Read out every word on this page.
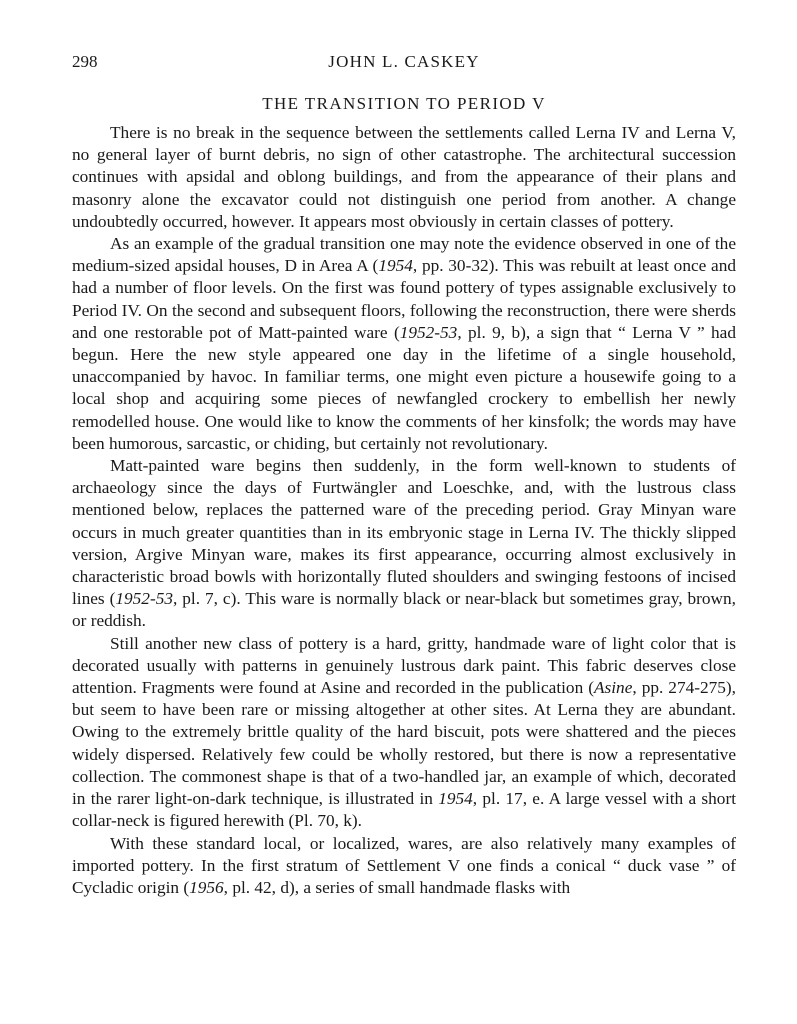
298	JOHN L. CASKEY
THE TRANSITION TO PERIOD V

There is no break in the sequence between the settlements called Lerna IV and Lerna V, no general layer of burnt debris, no sign of other catastrophe. The architectural succession continues with apsidal and oblong buildings, and from the appearance of their plans and masonry alone the excavator could not distinguish one period from another. A change undoubtedly occurred, however. It appears most obviously in certain classes of pottery.

As an example of the gradual transition one may note the evidence observed in one of the medium-sized apsidal houses, D in Area A (1954, pp. 30-32). This was rebuilt at least once and had a number of floor levels. On the first was found pottery of types assignable exclusively to Period IV. On the second and subsequent floors, following the reconstruction, there were sherds and one restorable pot of Matt-painted ware (1952-53, pl. 9, b), a sign that “ Lerna V ” had begun. Here the new style appeared one day in the lifetime of a single household, unaccompanied by havoc. In familiar terms, one might even picture a housewife going to a local shop and acquiring some pieces of newfangled crockery to embellish her newly remodelled house. One would like to know the comments of her kinsfolk; the words may have been humorous, sarcastic, or chiding, but certainly not revolutionary.

Matt-painted ware begins then suddenly, in the form well-known to students of archaeology since the days of Furtwängler and Loeschke, and, with the lustrous class mentioned below, replaces the patterned ware of the preceding period. Gray Minyan ware occurs in much greater quantities than in its embryonic stage in Lerna IV. The thickly slipped version, Argive Minyan ware, makes its first appearance, occurring almost exclusively in characteristic broad bowls with horizontally fluted shoulders and swinging festoons of incised lines (1952-53, pl. 7, c). This ware is normally black or near-black but sometimes gray, brown, or reddish.

Still another new class of pottery is a hard, gritty, handmade ware of light color that is decorated usually with patterns in genuinely lustrous dark paint. This fabric deserves close attention. Fragments were found at Asine and recorded in the publication (Asine, pp. 274-275), but seem to have been rare or missing altogether at other sites. At Lerna they are abundant. Owing to the extremely brittle quality of the hard biscuit, pots were shattered and the pieces widely dispersed. Relatively few could be wholly restored, but there is now a representative collection. The commonest shape is that of a two-handled jar, an example of which, decorated in the rarer light-on-dark technique, is illustrated in 1954, pl. 17, e. A large vessel with a short collar-neck is figured herewith (Pl. 70, k).

With these standard local, or localized, wares, are also relatively many examples of imported pottery. In the first stratum of Settlement V one finds a conical “ duck vase ” of Cycladic origin (1956, pl. 42, d), a series of small handmade flasks with
